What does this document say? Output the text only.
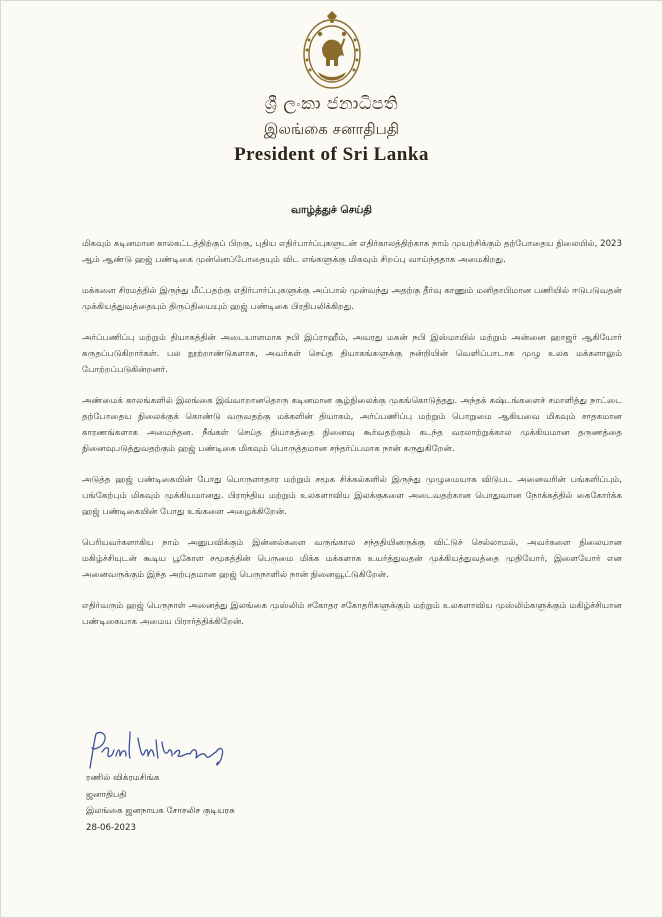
ශ්‍රී ලංකා ජනාධිපති
இலங்கை சனாதிபதி
President of Sri Lanka
வாழ்த்துச் செய்தி

மிகவும் கடினமான காலகட்டத்திற்குப் பிறகு, புதிய எதிர்பார்ப்புகளுடன் எதிர்காலத்திற்காக நாம் முயற்சிக்கும் தற்போதைய நிலையில், 2023 ஆம் ஆண்டு ஹஜ் பண்டிகை முன்னெப்போதையும் விட எங்களுக்கு மிகவும் சிறப்பு வாய்ந்ததாக அமைகிறது.

மக்களை சிரமத்தில் இருந்து மீட்பதற்கு எதிர்பார்ப்புகளுக்கு அப்பால் முன்வந்து அதற்கு தீர்வு காணும் மனிதாபிமான பணியில் ஈடுபடுவதன் முக்கியத்துவத்தையும் திருப்தியையும் ஹஜ் பண்டிகை பிரதிபலிக்கிறது.

அர்ப்பணிப்பு மற்றும் தியாகத்தின் அடையாளமாக நபி இப்ராஹீம், அவரது மகன் நபி இஸ்மாயில் மற்றும் அன்னை ஹாஜர் ஆகியோர் கருதப்படுகிறார்கள். பல நூற்றாண்டுகளாக, அவர்கள் செய்த தியாகங்களுக்கு நன்றியின் வெளிப்பாடாக முழு உலக மக்களாலும் போற்றப்படுகின்றனர்.

அண்மைக் காலங்களில் இலங்கை இவ்வாறானதொரு கடினமான சூழ்நிலைக்கு முகங்கொடுத்தது. அந்தக் கஷ்டங்களைச் சமாளித்து நாட்டை தற்போதைய நிலைக்குக் கொண்டு வருவதற்கு மக்களின் தியாகம், அர்ப்பணிப்பு மற்றும் பொறுமை ஆகியவை மிகவும் சாதகமான காரணங்களாக அமைந்தன. நீங்கள் செய்த தியாகத்தை நினைவு கூர்வதற்கும் கடந்த வரலாற்றுக்கால முக்கியமான தருணத்தை நினைவுபடுத்துவதற்கும் ஹஜ் பண்டிகை மிகவும் பொருத்தமான சந்தர்ப்பமாக நான் கருதுகிறேன்.

அடுத்த ஹஜ் பண்டிகையின் போது பொருளாதார மற்றும் சமூக சிக்கல்களில் இருந்து முழுமையாக விடுபட அனைவரின் பங்களிப்பும், பங்கேற்பும் மிகவும் முக்கியமானது. பிராந்திய மற்றும் உலகளாவிய இலக்குகளை அடைவதற்கான பொதுவான நோக்கத்தில் கைகோர்க்க ஹஜ் பண்டிகையின் போது உங்களை அழைக்கிறேன்.

பெரியவர்களாகிய நாம் அனுபவிக்கும் இன்னல்களை வருங்கால சந்ததியினருக்கு விட்டுச் செல்லாமல், அவர்களை நிலையான மகிழ்ச்சியுடன் கூடிய பூகோள சமூகத்தின் பெருமை மிக்க மக்களாக உயர்த்துவதன் முக்கியத்துவத்தை முதியோர், இளையோர் என அனைவருக்கும் இந்த அற்புதமான ஹஜ் பெருநாளில் நான் நினைவூட்டுகிறேன்.

எதிர்வரும் ஹஜ் பெருநாள் அனைத்து இலங்கை முஸ்லிம் சகோதர சகோதரிகளுக்கும் மற்றும் உலகளாவிய முஸ்லிம்களுக்கும் மகிழ்ச்சியான பண்டிகையாக அமைய பிரார்த்திக்கிறேன்.

ரணில் விக்ரமசிங்க
ஜனாதிபதி
இலங்கை ஜனநாயக சோசலிச குடியரசு
28-06-2023
